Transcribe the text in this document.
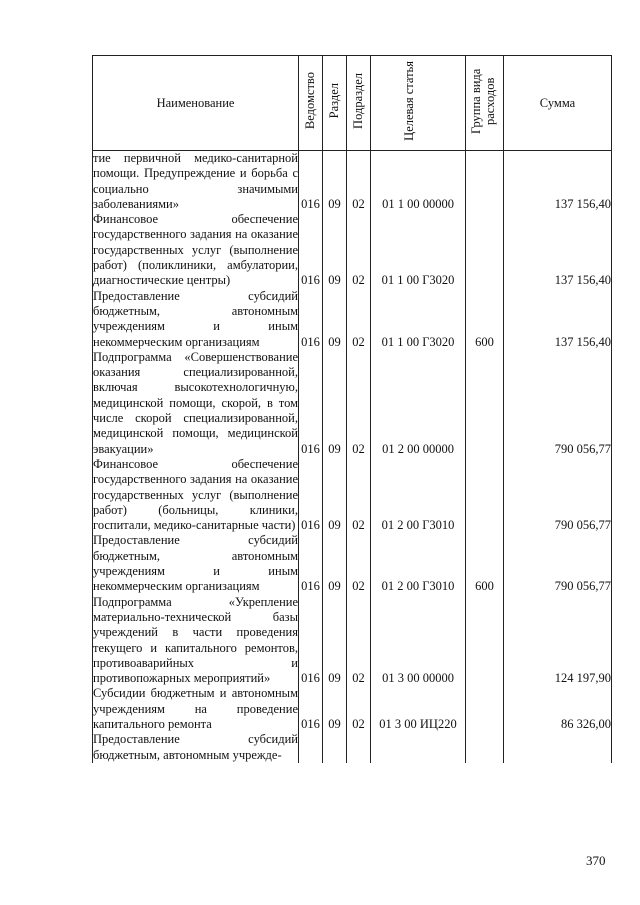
Наименование	Ведомство	Раздел	Подраздел	Целевая статья	Группа вида расходов	Сумма
тие первичной медико-санитарной помощи. Предупреждение и борьба с социально значимыми заболеваниями»	016	09	02	01 1 00 00000		137 156,40
Финансовое обеспечение государственного задания на оказание государственных услуг (выполнение работ) (поликлиники, амбулатории, диагностические центры)	016	09	02	01 1 00 Г3020		137 156,40
Предоставление субсидий бюджетным, автономным учреждениям и иным некоммерческим организациям	016	09	02	01 1 00 Г3020	600	137 156,40
Подпрограмма «Совершенствование оказания специализированной, включая высокотехнологичную, медицинской помощи, скорой, в том числе скорой специализированной, медицинской помощи, медицинской эвакуации»	016	09	02	01 2 00 00000		790 056,77
Финансовое обеспечение государственного задания на оказание государственных услуг (выполнение работ) (больницы, клиники, госпитали, медико-санитарные части)	016	09	02	01 2 00 Г3010		790 056,77
Предоставление субсидий бюджетным, автономным учреждениям и иным некоммерческим организациям	016	09	02	01 2 00 Г3010	600	790 056,77
Подпрограмма «Укрепление материально-технической базы учреждений в части проведения текущего и капитального ремонтов, противоаварийных и противопожарных мероприятий»	016	09	02	01 3 00 00000		124 197,90
Субсидии бюджетным и автономным учреждениям на проведение капитального ремонта	016	09	02	01 3 00 ИЦ220		86 326,00
Предоставление субсидий бюджетным, автономным учрежде-						
370
